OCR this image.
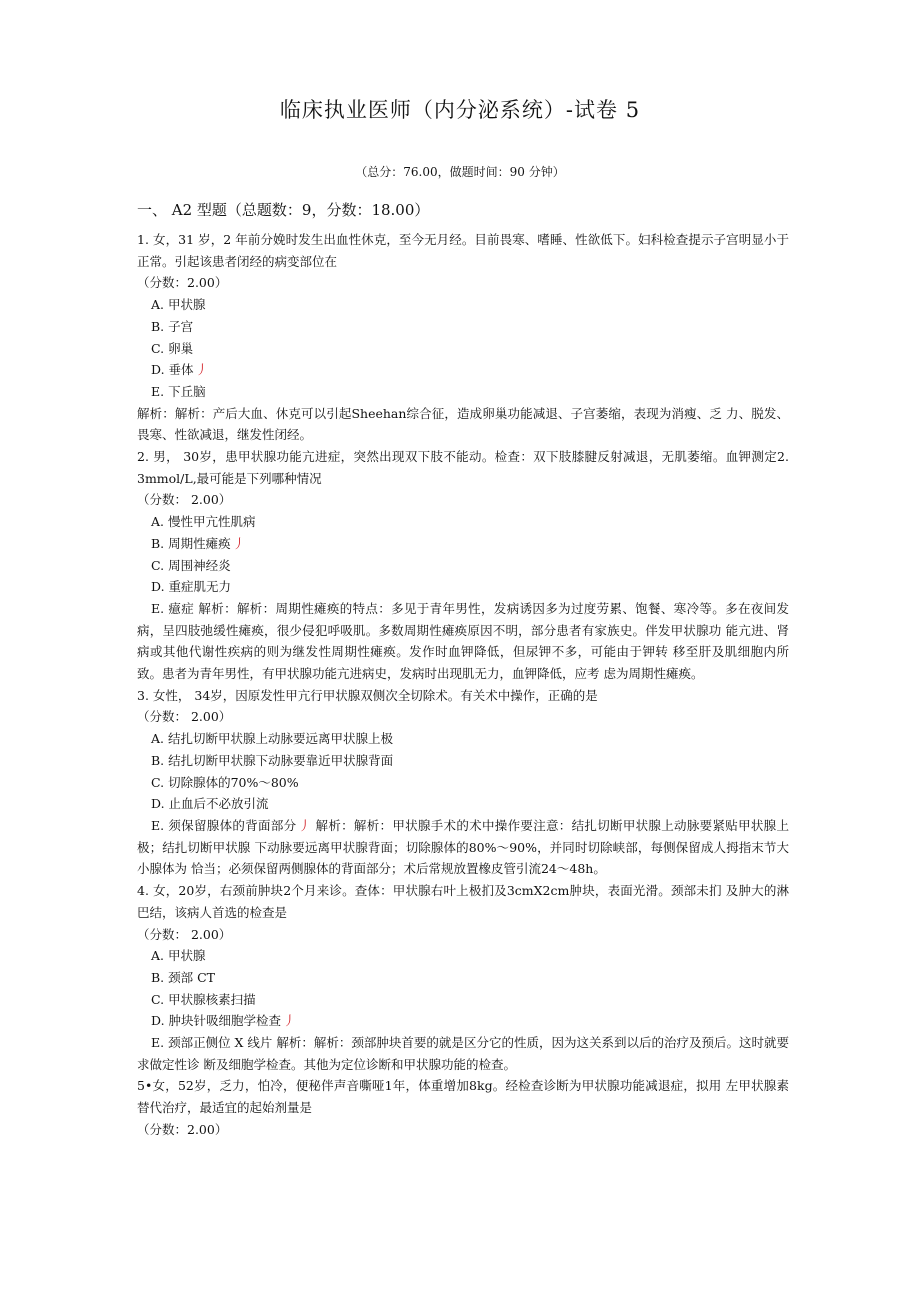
临床执业医师（内分泌系统）-试卷 5
（总分：76.00，做题时间：90 分钟）
一、 A2 型题（总题数：9，分数：18.00）

1. 女，31 岁，2 年前分娩时发生出血性休克，至今无月经。目前畏寒、嗜睡、性欲低下。妇科检查提示子宫明显小于正常。引起该患者闭经的病变部位在

（分数：2.00）

A. 甲状腺

B. 子宫

C. 卵巢

D. 垂体 丿

E. 下丘脑

解析：解析：产后大血、休克可以引起Sheehan综合征，造成卵巢功能减退、子宫萎缩，表现为消瘦、乏 力、脱发、畏寒、性欲减退，继发性闭经。

2. 男， 30岁，患甲状腺功能亢进症，突然出现双下肢不能动。检查：双下肢膝腱反射减退，无肌萎缩。血钾测定2. 3mmol/L,最可能是下列哪种情况

（分数： 2.00）

A. 慢性甲亢性肌病

B. 周期性瘫痪 丿

C. 周围神经炎

D. 重症肌无力

E. 癔症 解析：解析：周期性瘫痪的特点：多见于青年男性，发病诱因多为过度劳累、饱餐、寒冷等。多在夜间发 病，呈四肢弛缓性瘫痪，很少侵犯呼吸肌。多数周期性瘫痪原因不明，部分患者有家族史。伴发甲状腺功 能亢进、肾病或其他代谢性疾病的则为继发性周期性瘫痪。发作时血钾降低，但尿钾不多，可能由于钾转 移至肝及肌细胞内所致。患者为青年男性，有甲状腺功能亢进病史，发病时出现肌无力，血钾降低，应考 虑为周期性瘫痪。

3. 女性， 34岁，因原发性甲亢行甲状腺双侧次全切除术。有关术中操作，正确的是

（分数： 2.00）

A. 结扎切断甲状腺上动脉要远离甲状腺上极

B. 结扎切断甲状腺下动脉要靠近甲状腺背面

C. 切除腺体的70%〜80%

D. 止血后不必放引流

E. 须保留腺体的背面部分 丿 解析：解析：甲状腺手术的术中操作要注意：结扎切断甲状腺上动脉要紧贴甲状腺上极；结扎切断甲状腺 下动脉要远离甲状腺背面；切除腺体的80%〜90%，并同时切除峡部，每侧保留成人拇指末节大小腺体为 恰当；必须保留两侧腺体的背面部分；术后常规放置橡皮管引流24〜48h。

4. 女，20岁，右颈前肿块2个月来诊。查体：甲状腺右叶上极扪及3cmX2cm肿块，表面光滑。颈部未扪 及肿大的淋巴结，该病人首选的检查是

（分数： 2.00）

A. 甲状腺

B. 颈部 CT

C. 甲状腺核素扫描

D. 肿块针吸细胞学检查 丿

E. 颈部正侧位 X 线片 解析：解析：颈部肿块首要的就是区分它的性质，因为这关系到以后的治疗及预后。这时就要求做定性诊 断及细胞学检查。其他为定位诊断和甲状腺功能的检查。

5•女，52岁，乏力，怕冷，便秘伴声音嘶哑1年，体重增加8kg。经检查诊断为甲状腺功能减退症，拟用 左甲状腺素替代治疗，最适宜的起始剂量是

（分数：2.00）
